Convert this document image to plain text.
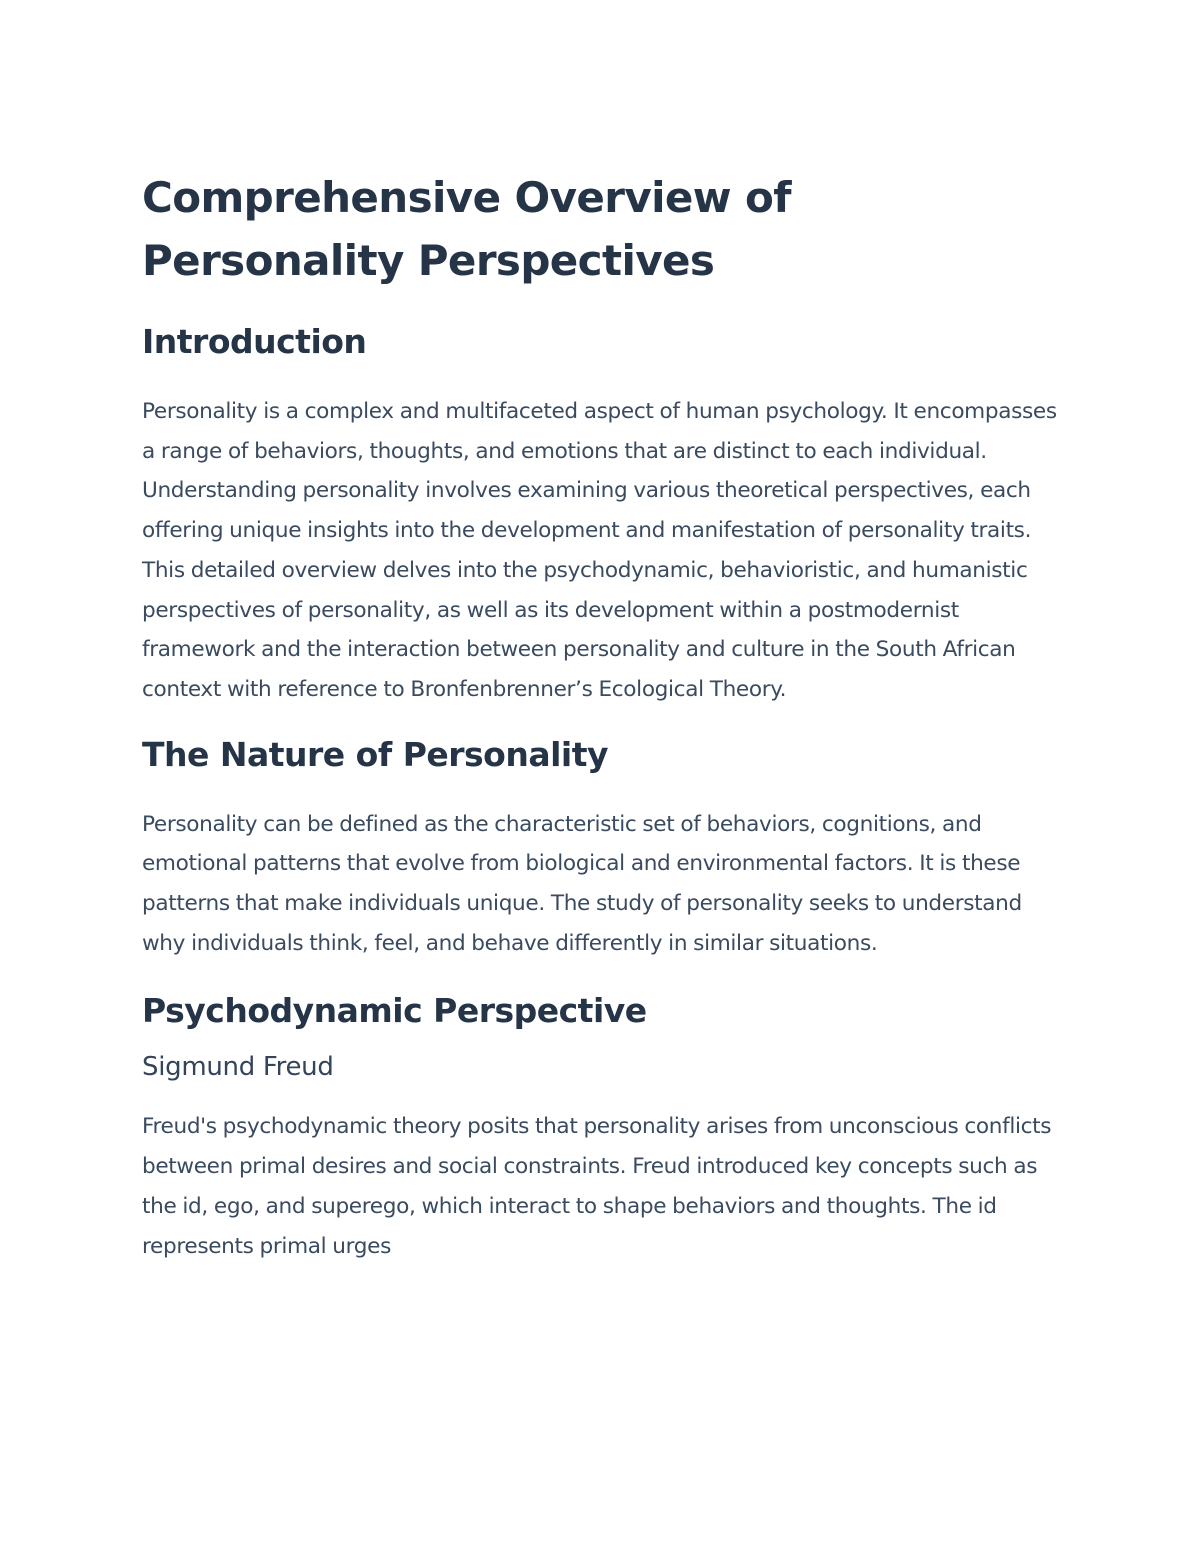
Comprehensive Overview of Personality Perspectives
Introduction

Personality is a complex and multifaceted aspect of human psychology. It encompasses a range of behaviors, thoughts, and emotions that are distinct to each individual. Understanding personality involves examining various theoretical perspectives, each offering unique insights into the development and manifestation of personality traits. This detailed overview delves into the psychodynamic, behavioristic, and humanistic perspectives of personality, as well as its development within a postmodernist framework and the interaction between personality and culture in the South African context with reference to Bronfenbrenner’s Ecological Theory.

The Nature of Personality

Personality can be defined as the characteristic set of behaviors, cognitions, and emotional patterns that evolve from biological and environmental factors. It is these patterns that make individuals unique. The study of personality seeks to understand why individuals think, feel, and behave differently in similar situations.

Psychodynamic Perspective
Sigmund Freud

Freud's psychodynamic theory posits that personality arises from unconscious conflicts between primal desires and social constraints. Freud introduced key concepts such as the id, ego, and superego, which interact to shape behaviors and thoughts. The id represents primal urges
